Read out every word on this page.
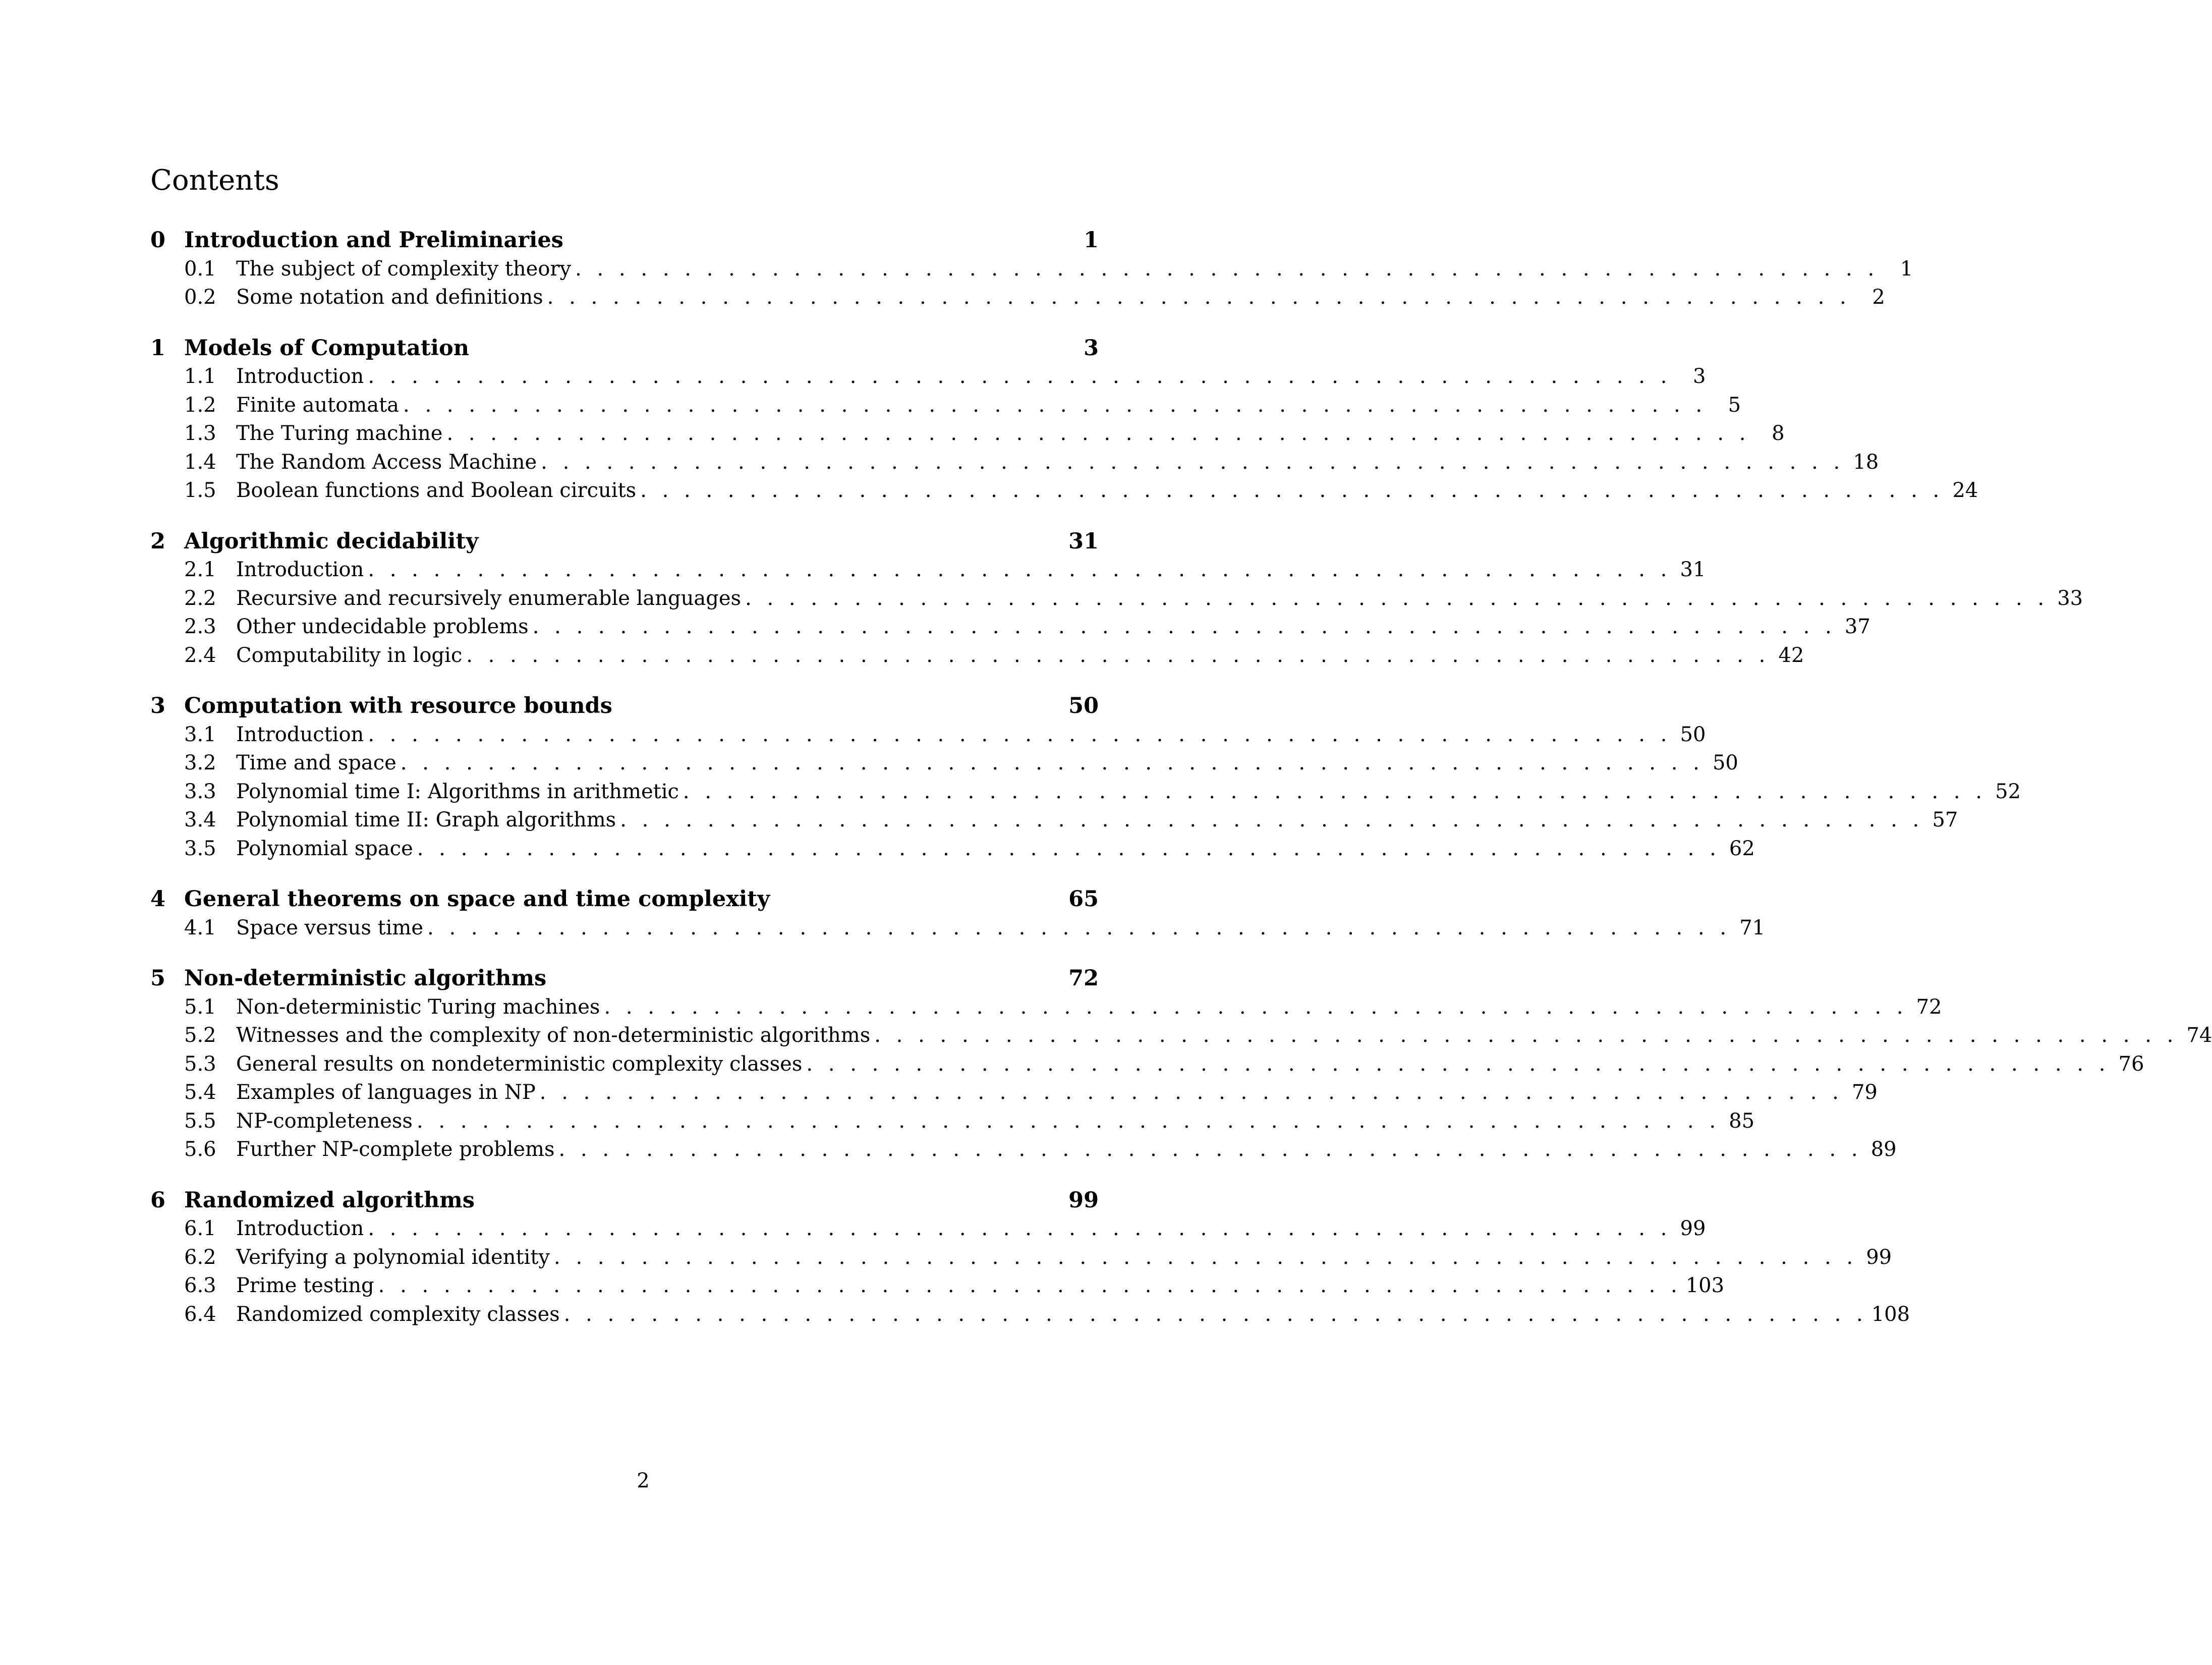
Contents
0 Introduction and Preliminaries	1
0.1 The subject of complexity theory . . . . . . . . . . . . . . . . . . . . . . . . . . . . . . . . . . . . . . . . . . . . . . . . . . . . . . . . . . . .	1
0.2 Some notation and definitions . . . . . . . . . . . . . . . . . . . . . . . . . . . . . . . . . . . . . . . . . . . . . . . . . . . . . . . . . . . .	2
1 Models of Computation	3
1.1 Introduction . . . . . . . . . . . . . . . . . . . . . . . . . . . . . . . . . . . . . . . . . . . . . . . . . . . . . . . . . . . .	3
1.2 Finite automata . . . . . . . . . . . . . . . . . . . . . . . . . . . . . . . . . . . . . . . . . . . . . . . . . . . . . . . . . . . .	5
1.3 The Turing machine . . . . . . . . . . . . . . . . . . . . . . . . . . . . . . . . . . . . . . . . . . . . . . . . . . . . . . . . . . . .	8
1.4 The Random Access Machine . . . . . . . . . . . . . . . . . . . . . . . . . . . . . . . . . . . . . . . . . . . . . . . . . . . . . . . . . . . . 18
1.5 Boolean functions and Boolean circuits . . . . . . . . . . . . . . . . . . . . . . . . . . . . . . . . . . . . . . . . . . . . . . . . . . . . . . . . . . . . 24
2 Algorithmic decidability	31
2.1 Introduction . . . . . . . . . . . . . . . . . . . . . . . . . . . . . . . . . . . . . . . . . . . . . . . . . . . . . . . . . . . . 31
2.2 Recursive and recursively enumerable languages . . . . . . . . . . . . . . . . . . . . . . . . . . . . . . . . . . . . . . . . . . . . . . . . . . . . . . . . . . . . 33
2.3 Other undecidable problems . . . . . . . . . . . . . . . . . . . . . . . . . . . . . . . . . . . . . . . . . . . . . . . . . . . . . . . . . . . . 37
2.4 Computability in logic . . . . . . . . . . . . . . . . . . . . . . . . . . . . . . . . . . . . . . . . . . . . . . . . . . . . . . . . . . . . 42
3 Computation with resource bounds	50
3.1 Introduction . . . . . . . . . . . . . . . . . . . . . . . . . . . . . . . . . . . . . . . . . . . . . . . . . . . . . . . . . . . . 50
3.2 Time and space . . . . . . . . . . . . . . . . . . . . . . . . . . . . . . . . . . . . . . . . . . . . . . . . . . . . . . . . . . . . 50
3.3 Polynomial time I: Algorithms in arithmetic . . . . . . . . . . . . . . . . . . . . . . . . . . . . . . . . . . . . . . . . . . . . . . . . . . . . . . . . . . . . 52
3.4 Polynomial time II: Graph algorithms . . . . . . . . . . . . . . . . . . . . . . . . . . . . . . . . . . . . . . . . . . . . . . . . . . . . . . . . . . . . 57
3.5 Polynomial space . . . . . . . . . . . . . . . . . . . . . . . . . . . . . . . . . . . . . . . . . . . . . . . . . . . . . . . . . . . . 62
4 General theorems on space and time complexity	65
4.1 Space versus time . . . . . . . . . . . . . . . . . . . . . . . . . . . . . . . . . . . . . . . . . . . . . . . . . . . . . . . . . . . . 71
5 Non-deterministic algorithms	72
5.1 Non-deterministic Turing machines . . . . . . . . . . . . . . . . . . . . . . . . . . . . . . . . . . . . . . . . . . . . . . . . . . . . . . . . . . . . 72
5.2 Witnesses and the complexity of non-deterministic algorithms . . . . . . . . . . . . . . . . . . . . . . . . . . . . . . . . . . . . . . . . . . . . . . . . . . . . . . . . . . . . 74
5.3 General results on nondeterministic complexity classes . . . . . . . . . . . . . . . . . . . . . . . . . . . . . . . . . . . . . . . . . . . . . . . . . . . . . . . . . . . . 76
5.4 Examples of languages in NP . . . . . . . . . . . . . . . . . . . . . . . . . . . . . . . . . . . . . . . . . . . . . . . . . . . . . . . . . . . . 79
5.5 NP-completeness . . . . . . . . . . . . . . . . . . . . . . . . . . . . . . . . . . . . . . . . . . . . . . . . . . . . . . . . . . . . 85
5.6 Further NP-complete problems . . . . . . . . . . . . . . . . . . . . . . . . . . . . . . . . . . . . . . . . . . . . . . . . . . . . . . . . . . . . 89
6 Randomized algorithms	99
6.1 Introduction . . . . . . . . . . . . . . . . . . . . . . . . . . . . . . . . . . . . . . . . . . . . . . . . . . . . . . . . . . . . 99
6.2 Verifying a polynomial identity . . . . . . . . . . . . . . . . . . . . . . . . . . . . . . . . . . . . . . . . . . . . . . . . . . . . . . . . . . . . 99
6.3 Prime testing . . . . . . . . . . . . . . . . . . . . . . . . . . . . . . . . . . . . . . . . . . . . . . . . . . . . . . . . . . . . 103
6.4 Randomized complexity classes . . . . . . . . . . . . . . . . . . . . . . . . . . . . . . . . . . . . . . . . . . . . . . . . . . . . . . . . . . . . 108
2
